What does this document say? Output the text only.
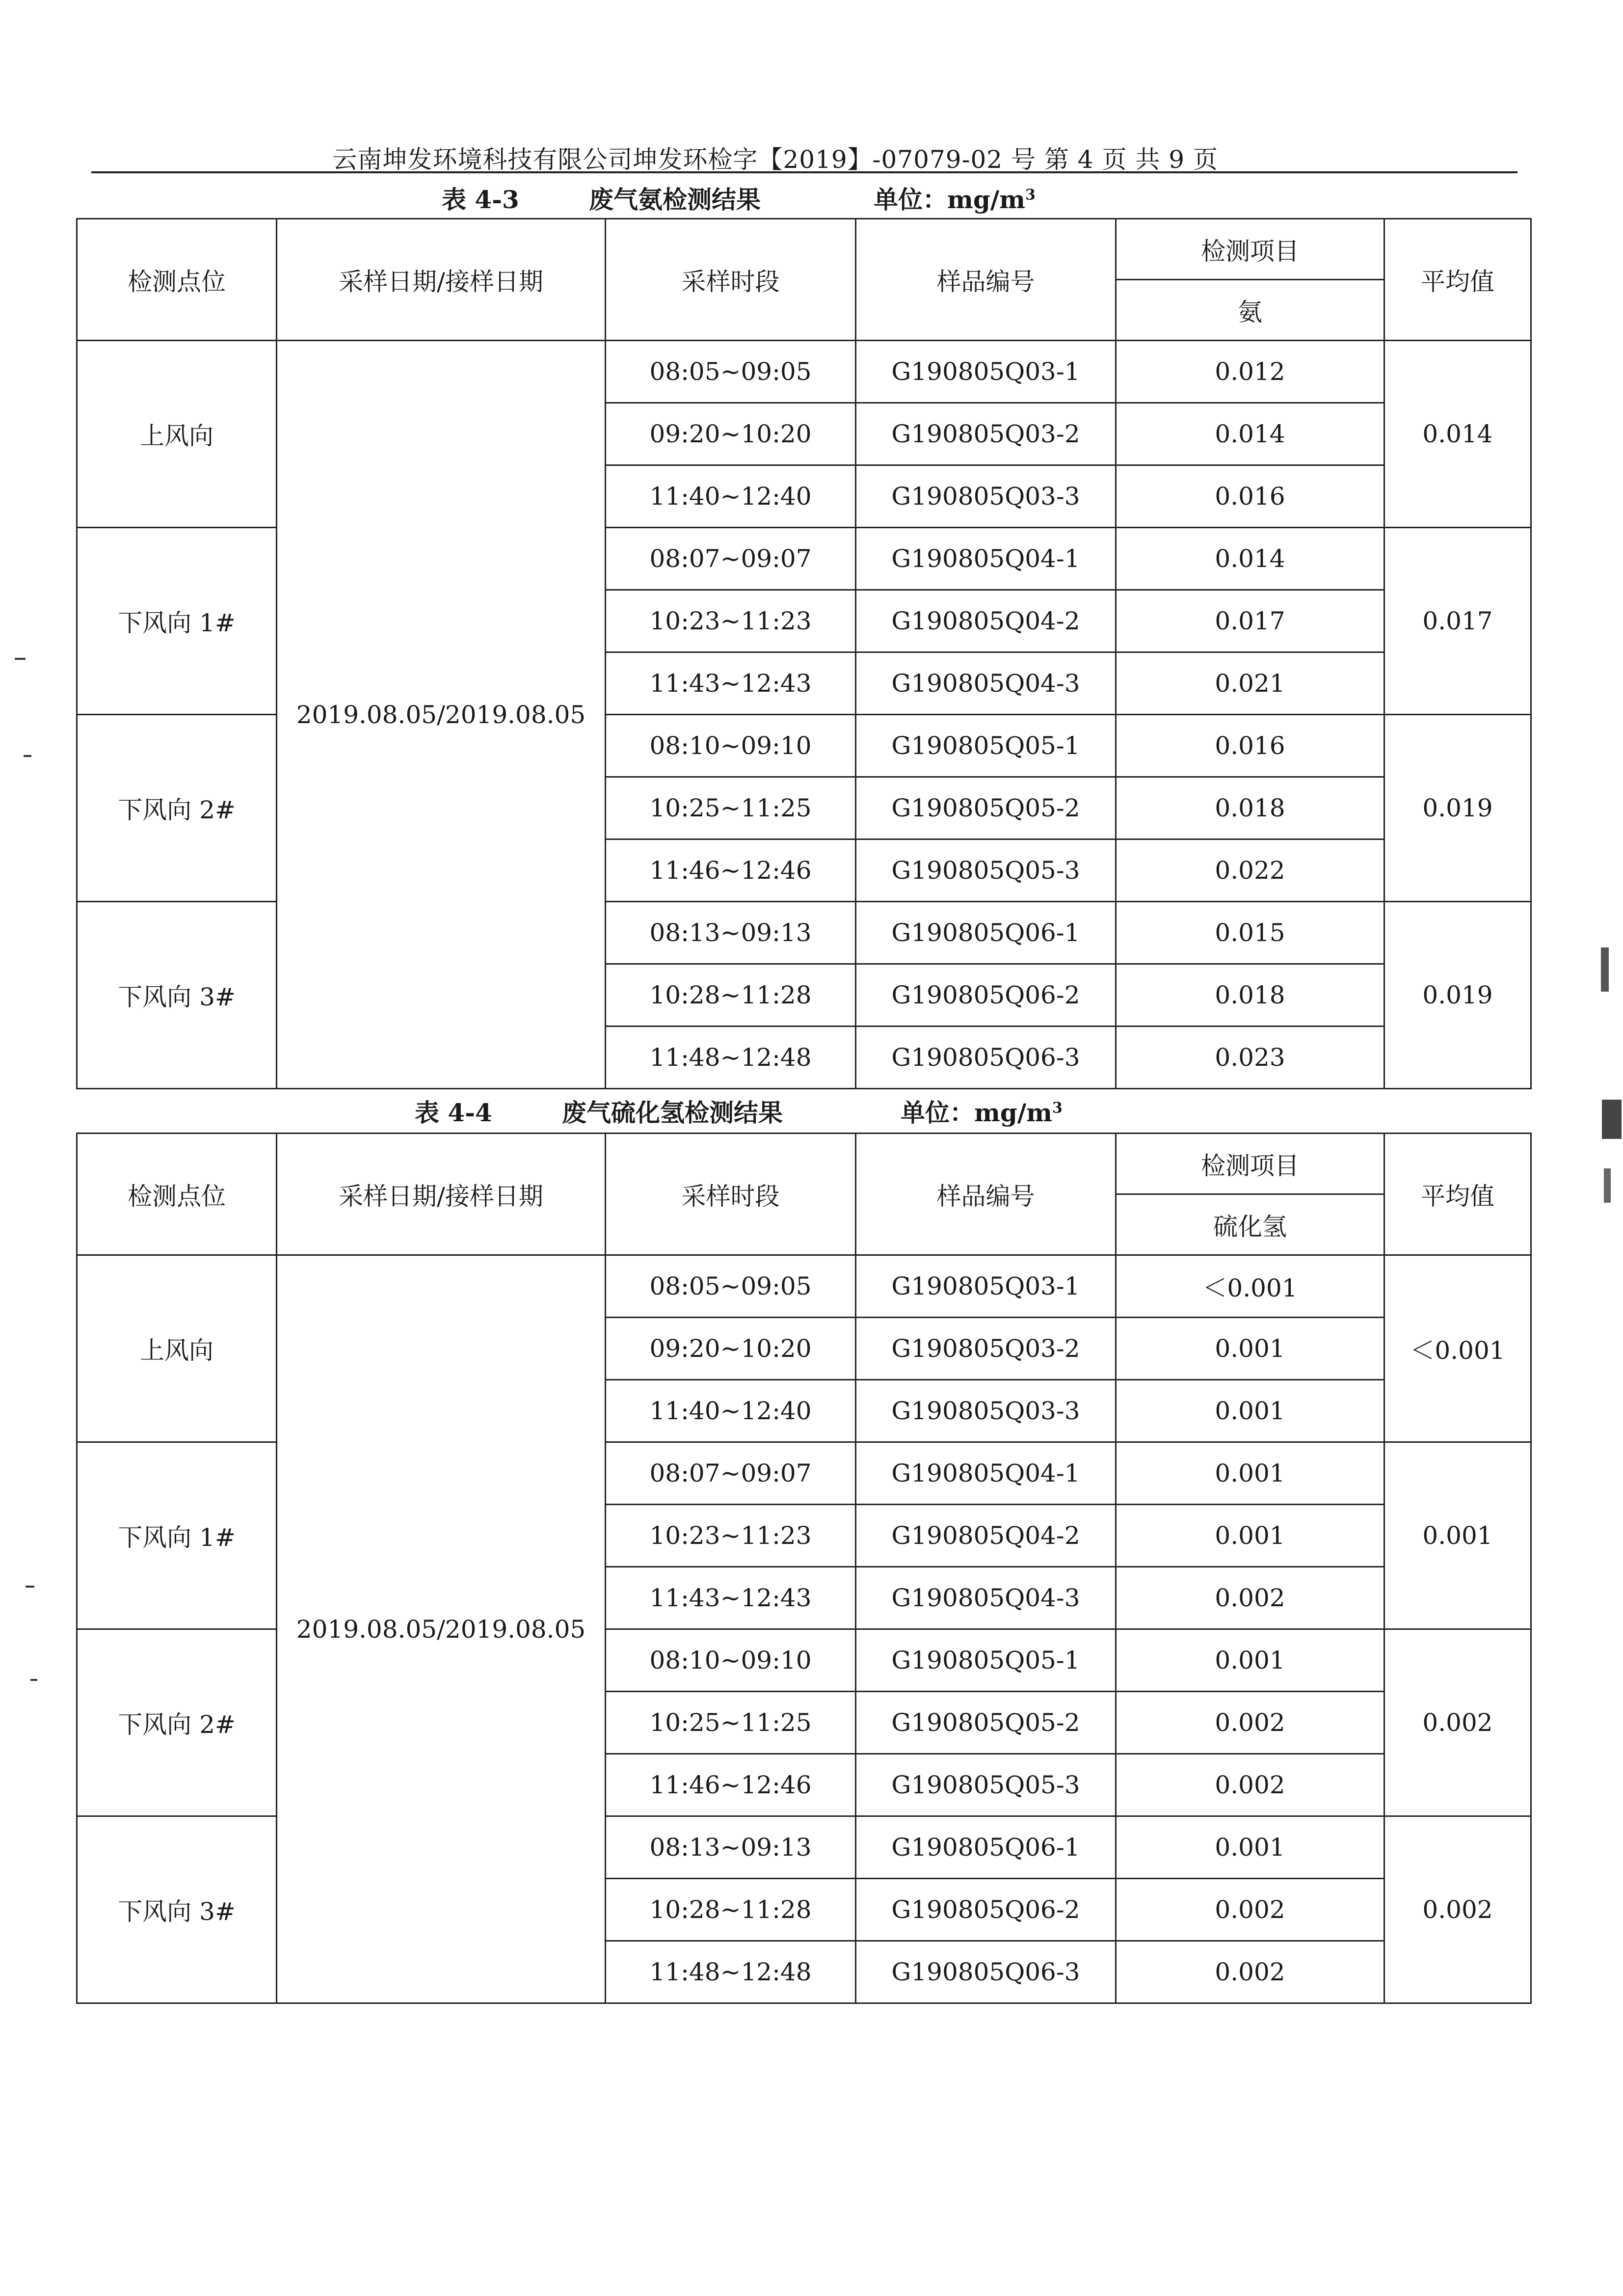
云南坤发环境科技有限公司坤发环检字【2019】-07079-02 号 第 4 页 共 9 页
表 4-3	废气氨检测结果	单位：$mg/m^3$
检测点位	采样日期/接样日期	采样时段	样品编号	检测项目	平均值
				氨	
上风向	2019.08.05/2019.08.05	08:05~09:05	G190805Q03-1	0.012	0.014
		09:20~10:20	G190805Q03-2	0.014	
		11:40~12:40	G190805Q03-3	0.016	
下风向 1#		08:07~09:07	G190805Q04-1	0.014	0.017
		10:23~11:23	G190805Q04-2	0.017	
		11:43~12:43	G190805Q04-3	0.021	
下风向 2#		08:10~09:10	G190805Q05-1	0.016	0.019
		10:25~11:25	G190805Q05-2	0.018	
		11:46~12:46	G190805Q05-3	0.022	
下风向 3#		08:13~09:13	G190805Q06-1	0.015	0.019
		10:28~11:28	G190805Q06-2	0.018	
		11:48~12:48	G190805Q06-3	0.023	
表 4-4	废气硫化氢检测结果	单位：$mg/m^3$
检测点位	采样日期/接样日期	采样时段	样品编号	检测项目	平均值
				硫化氢	
上风向	2019.08.05/2019.08.05	08:05~09:05	G190805Q03-1	＜0.001	＜0.001
		09:20~10:20	G190805Q03-2	0.001	
		11:40~12:40	G190805Q03-3	0.001	
下风向 1#		08:07~09:07	G190805Q04-1	0.001	0.001
		10:23~11:23	G190805Q04-2	0.001	
		11:43~12:43	G190805Q04-3	0.002	
下风向 2#		08:10~09:10	G190805Q05-1	0.001	0.002
		10:25~11:25	G190805Q05-2	0.002	
		11:46~12:46	G190805Q05-3	0.002	
下风向 3#		08:13~09:13	G190805Q06-1	0.001	0.002
		10:28~11:28	G190805Q06-2	0.002	
		11:48~12:48	G190805Q06-3	0.002	
